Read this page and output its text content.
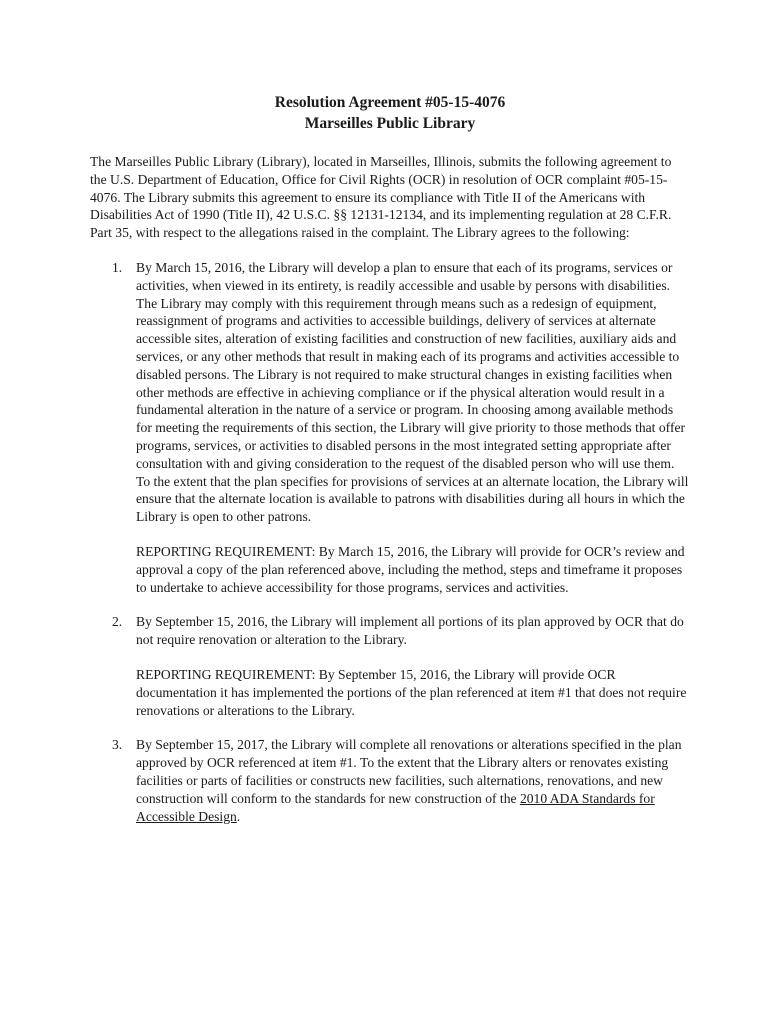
Resolution Agreement #05-15-4076
Marseilles Public Library

The Marseilles Public Library (Library), located in Marseilles, Illinois, submits the following agreement to the U.S. Department of Education, Office for Civil Rights (OCR) in resolution of OCR complaint #05-15-4076. The Library submits this agreement to ensure its compliance with Title II of the Americans with Disabilities Act of 1990 (Title II), 42 U.S.C. §§ 12131-12134, and its implementing regulation at 28 C.F.R. Part 35, with respect to the allegations raised in the complaint. The Library agrees to the following:

1. By March 15, 2016, the Library will develop a plan to ensure that each of its programs, services or activities, when viewed in its entirety, is readily accessible and usable by persons with disabilities. The Library may comply with this requirement through means such as a redesign of equipment, reassignment of programs and activities to accessible buildings, delivery of services at alternate accessible sites, alteration of existing facilities and construction of new facilities, auxiliary aids and services, or any other methods that result in making each of its programs and activities accessible to disabled persons. The Library is not required to make structural changes in existing facilities when other methods are effective in achieving compliance or if the physical alteration would result in a fundamental alteration in the nature of a service or program. In choosing among available methods for meeting the requirements of this section, the Library will give priority to those methods that offer programs, services, or activities to disabled persons in the most integrated setting appropriate after consultation with and giving consideration to the request of the disabled person who will use them. To the extent that the plan specifies for provisions of services at an alternate location, the Library will ensure that the alternate location is available to patrons with disabilities during all hours in which the Library is open to other patrons.

REPORTING REQUIREMENT: By March 15, 2016, the Library will provide for OCR’s review and approval a copy of the plan referenced above, including the method, steps and timeframe it proposes to undertake to achieve accessibility for those programs, services and activities.

2. By September 15, 2016, the Library will implement all portions of its plan approved by OCR that do not require renovation or alteration to the Library.

REPORTING REQUIREMENT: By September 15, 2016, the Library will provide OCR documentation it has implemented the portions of the plan referenced at item #1 that does not require renovations or alterations to the Library.

3. By September 15, 2017, the Library will complete all renovations or alterations specified in the plan approved by OCR referenced at item #1. To the extent that the Library alters or renovates existing facilities or parts of facilities or constructs new facilities, such alternations, renovations, and new construction will conform to the standards for new construction of the 2010 ADA Standards for Accessible Design.
